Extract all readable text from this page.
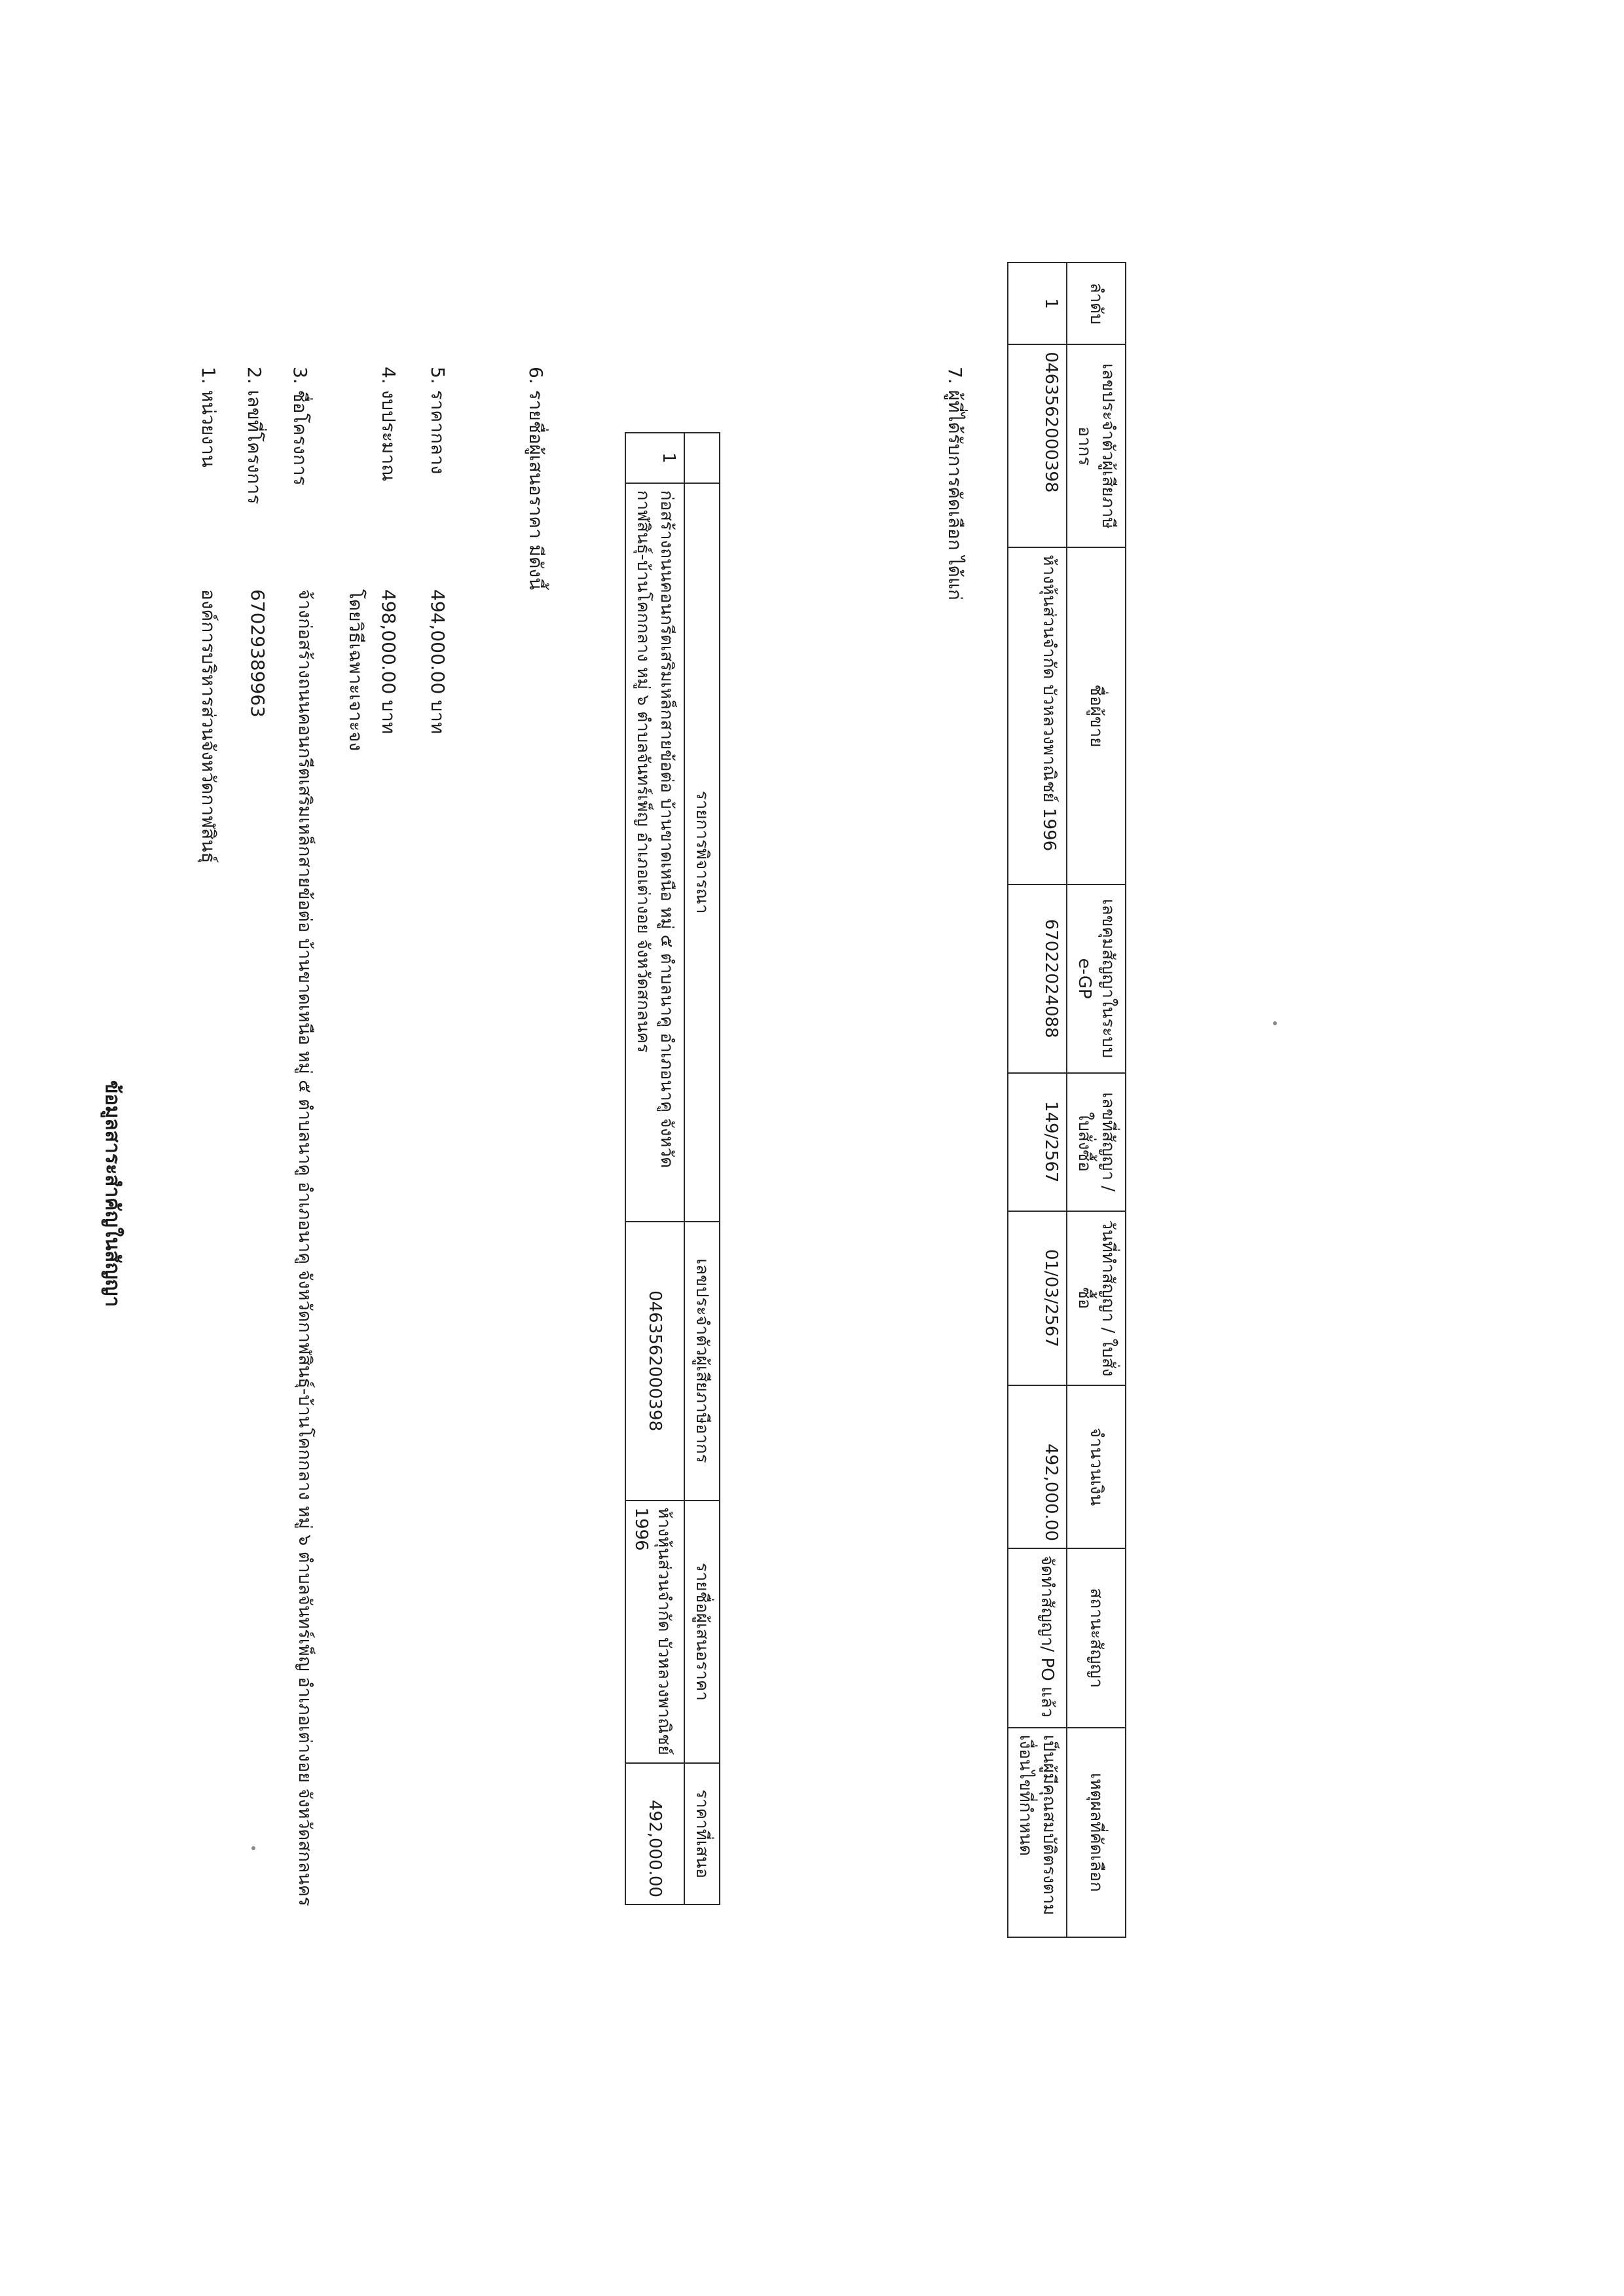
ข้อมูลสาระสำคัญในสัญญา
1. หน่วยงาน
องค์การบริหารส่วนจังหวัดกาฬสินธุ์
2. เลขที่โครงการ
67029389963
3. ชื่อโครงการ
จ้างก่อสร้างถนนคอนกรีตเสริมเหล็กสายข้อต่อ บ้านขาดเหนือ หมู่ ๕ ตำบลนาคู อำเภอนาคู จังหวัดกาฬสินธุ์-บ้านโคกกลาง หมู่ ๖ ตำบลจันทร์เพ็ญ อำเภอเต่างอย จังหวัดสกลนคร โดยวิธีเฉพาะเจาะจง
4. งบประมาณ
498,000.00 บาท
5. ราคากลาง
494,000.00 บาท
6. รายชื่อผู้เสนอราคา มีดังนี้
	รายการพิจารณา	เลขประจำตัวผู้เสียภาษีอากร	รายชื่อผู้เสนอราคา	ราคาที่เสนอ
1	ก่อสร้างถนนคอนกรีตเสริมเหล็กสายข้อต่อ บ้านขาดเหนือ หมู่ ๕ ตำบลนาคู อำเภอนาคู จังหวัดกาฬสินธุ์-บ้านโคกกลาง หมู่ ๖ ตำบลจันทร์เพ็ญ อำเภอเต่างอย จังหวัดสกลนคร	0463562000398	ห้างหุ้นส่วนจำกัด บัวหลวงพาณิชย์ 1996	492,000.00
7. ผู้ที่ได้รับการคัดเลือก ได้แก่
ลำดับ	เลขประจำตัวผู้เสียภาษีอากร	ชื่อผู้ขาย	เลขคุมสัญญาในระบบ e-GP	เลขที่สัญญา / ใบสั่งซื้อ	วันที่ทำสัญญา / ใบสั่งซื้อ	จำนวนเงิน	สถานะสัญญา	เหตุผลที่คัดเลือก
1	0463562000398	ห้างหุ้นส่วนจำกัด บัวหลวงพาณิชย์ 1996	67022024088	149/2567	01/03/2567	492,000.00	จัดทำสัญญา/ PO แล้ว	เป็นผู้มีคุณสมบัติตรงตามเงื่อนไขที่กำหนด
